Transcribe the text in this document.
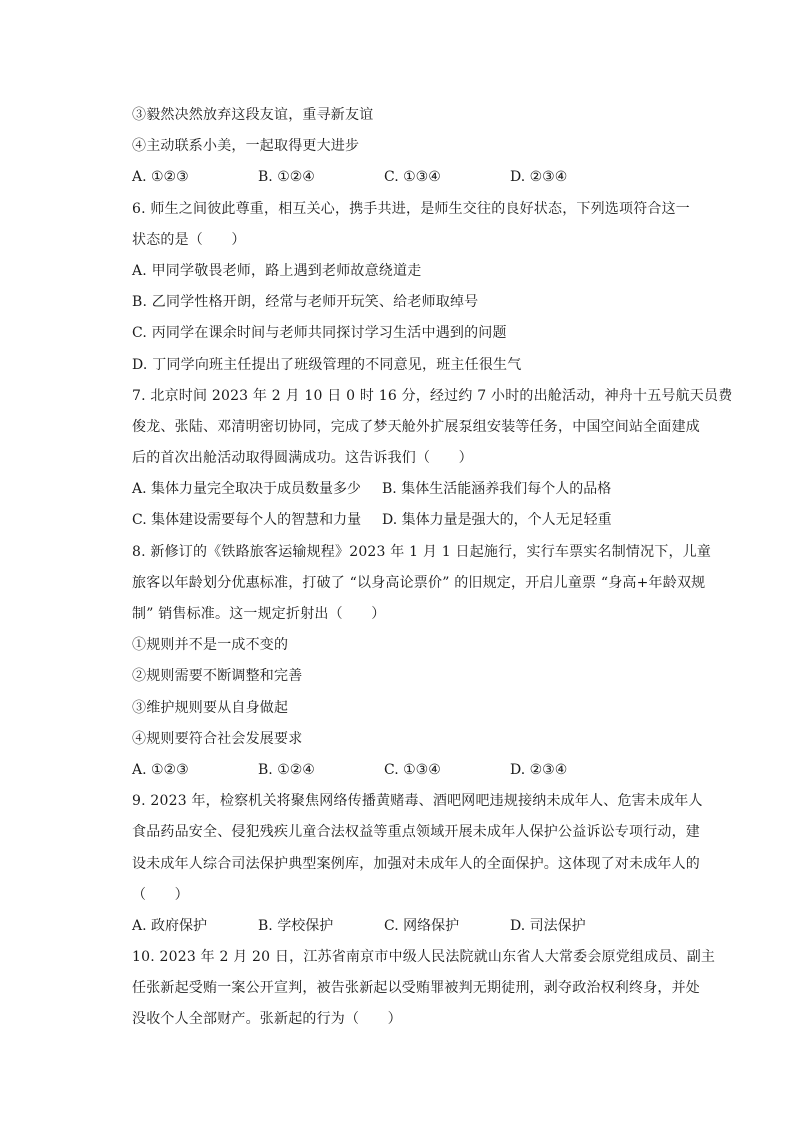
③毅然决然放弃这段友谊，重寻新友谊
④主动联系小美，一起取得更大进步
A. ①②③	B. ①②④	C. ①③④	D. ②③④
6. 师生之间彼此尊重，相互关心，携手共进，是师生交往的良好状态，下列选项符合这一
状态的是（　　）
A. 甲同学敬畏老师，路上遇到老师故意绕道走
B. 乙同学性格开朗，经常与老师开玩笑、给老师取绰号
C. 丙同学在课余时间与老师共同探讨学习生活中遇到的问题
D. 丁同学向班主任提出了班级管理的不同意见，班主任很生气
7. 北京时间 2023 年 2 月 10 日 0 时 16 分，经过约 7 小时的出舱活动，神舟十五号航天员费
俊龙、张陆、邓清明密切协同，完成了梦天舱外扩展泵组安装等任务，中国空间站全面建成
后的首次出舱活动取得圆满成功。这告诉我们（　　）
A. 集体力量完全取决于成员数量多少	B. 集体生活能涵养我们每个人的品格
C. 集体建设需要每个人的智慧和力量	D. 集体力量是强大的，个人无足轻重
8. 新修订的《铁路旅客运输规程》2023 年 1 月 1 日起施行，实行车票实名制情况下，儿童
旅客以年龄划分优惠标准，打破了 “以身高论票价” 的旧规定，开启儿童票 “身高+年龄双规
制” 销售标准。这一规定折射出（　　）
①规则并不是一成不变的
②规则需要不断调整和完善
③维护规则要从自身做起
④规则要符合社会发展要求
A. ①②③	B. ①②④	C. ①③④	D. ②③④
9. 2023 年，检察机关将聚焦网络传播黄赌毒、酒吧网吧违规接纳未成年人、危害未成年人
食品药品安全、侵犯残疾儿童合法权益等重点领域开展未成年人保护公益诉讼专项行动，建
设未成年人综合司法保护典型案例库，加强对未成年人的全面保护。这体现了对未成年人的
（　　）
A. 政府保护	B. 学校保护	C. 网络保护	D. 司法保护
10. 2023 年 2 月 20 日，江苏省南京市中级人民法院就山东省人大常委会原党组成员、副主
任张新起受贿一案公开宣判，被告张新起以受贿罪被判无期徒刑，剥夺政治权利终身，并处
没收个人全部财产。张新起的行为（　　）
